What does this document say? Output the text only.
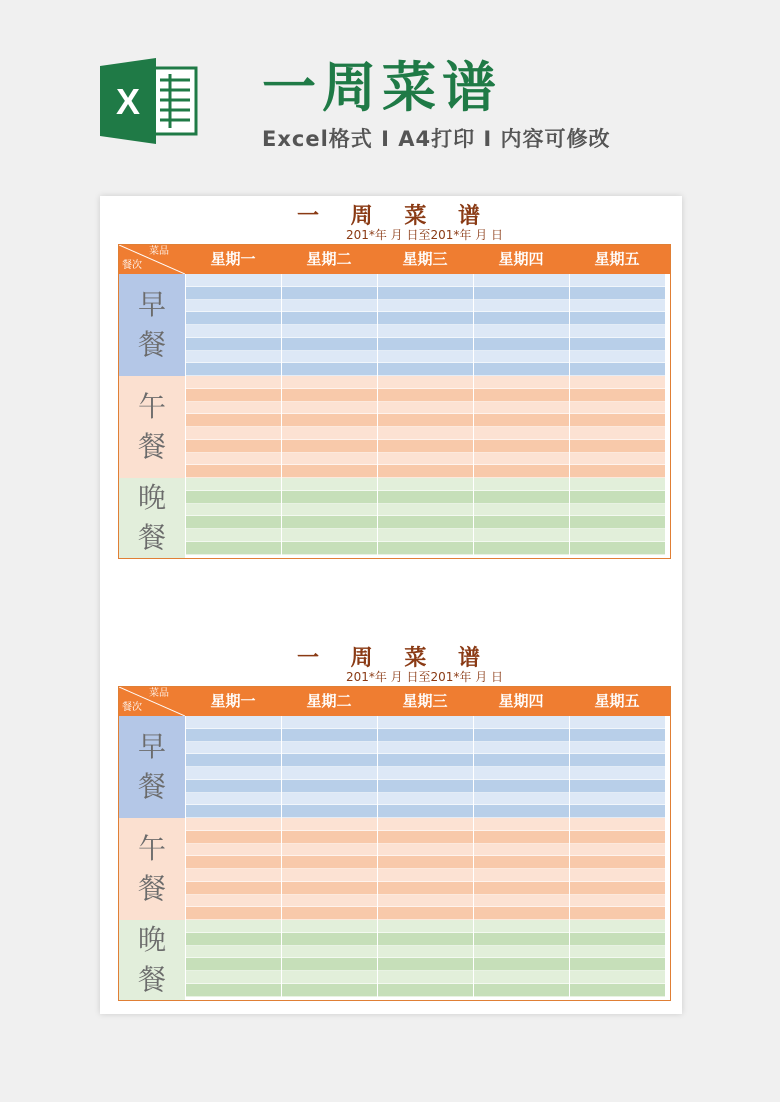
X 一周菜谱
Excel格式 I A4打印 I 内容可修改
一 周 菜 谱
201*年 月 日至201*年 月 日
菜品
餐次	星期一	星期二	星期三	星期四	星期五
早
餐
午
餐
晚
餐
一 周 菜 谱
201*年 月 日至201*年 月 日
菜品
餐次	星期一	星期二	星期三	星期四	星期五
早
餐
午
餐
晚
餐
